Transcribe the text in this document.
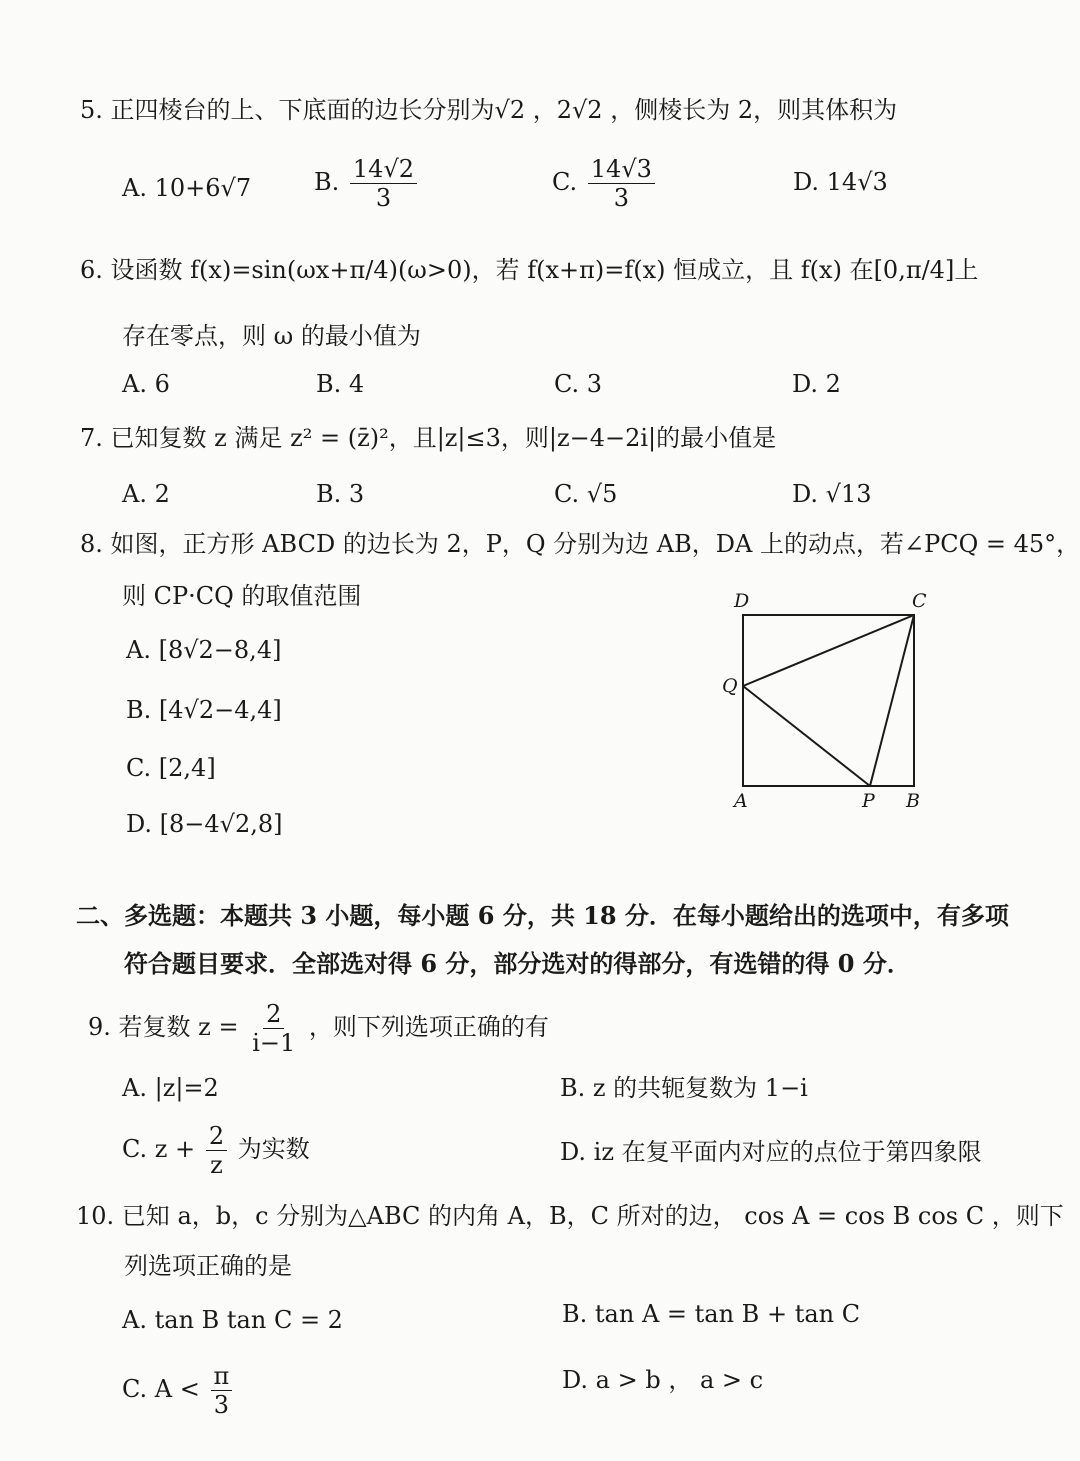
5. 正四棱台的上、下底面的边长分别为√2 ，2√2 ，侧棱长为 2，则其体积为
A. 10+6√7	B. $\frac{14√2}{3}$	C. $\frac{14√3}{3}$	D. 14√3
6. 设函数 f(x)=sin(ωx+π/4)(ω>0)，若 f(x+π)=f(x) 恒成立，且 f(x) 在[0,π/4]上
存在零点，则 ω 的最小值为
A. 6	B. 4	C. 3	D. 2
7. 已知复数 z 满足 z² = (z̄)²，且|z|≤3，则|z−4−2i|的最小值是
A. 2	B. 3	C. √5	D. √13
8. 如图，正方形 ABCD 的边长为 2，P，Q 分别为边 AB，DA 上的动点，若∠PCQ = 45°，
则 CP·CQ 的取值范围
A. [8√2−8,4]
B. [4√2−4,4]
C. [2,4]
D. [8−4√2,8]
D	C
Q
A	P B
二、多选题：本题共 3 小题，每小题 6 分，共 18 分．在每小题给出的选项中，有多项
符合题目要求．全部选对得 6 分，部分选对的得部分，有选错的得 0 分．
9. 若复数 $z = \frac{2}{i-1}$ ，则下列选项正确的有
A. |z|=2	B. z 的共轭复数为 1−i
C. $z + \frac{2}{z}$ 为实数	D. iz 在复平面内对应的点位于第四象限
10. 已知 a，b，c 分别为△ABC 的内角 A，B，C 所对的边， cos A = cos B cos C ，则下
列选项正确的是
A. tan B tan C = 2	B. tan A = tan B + tan C
C. $A < \frac{\pi}{3}$	D. a > b ， a > c
